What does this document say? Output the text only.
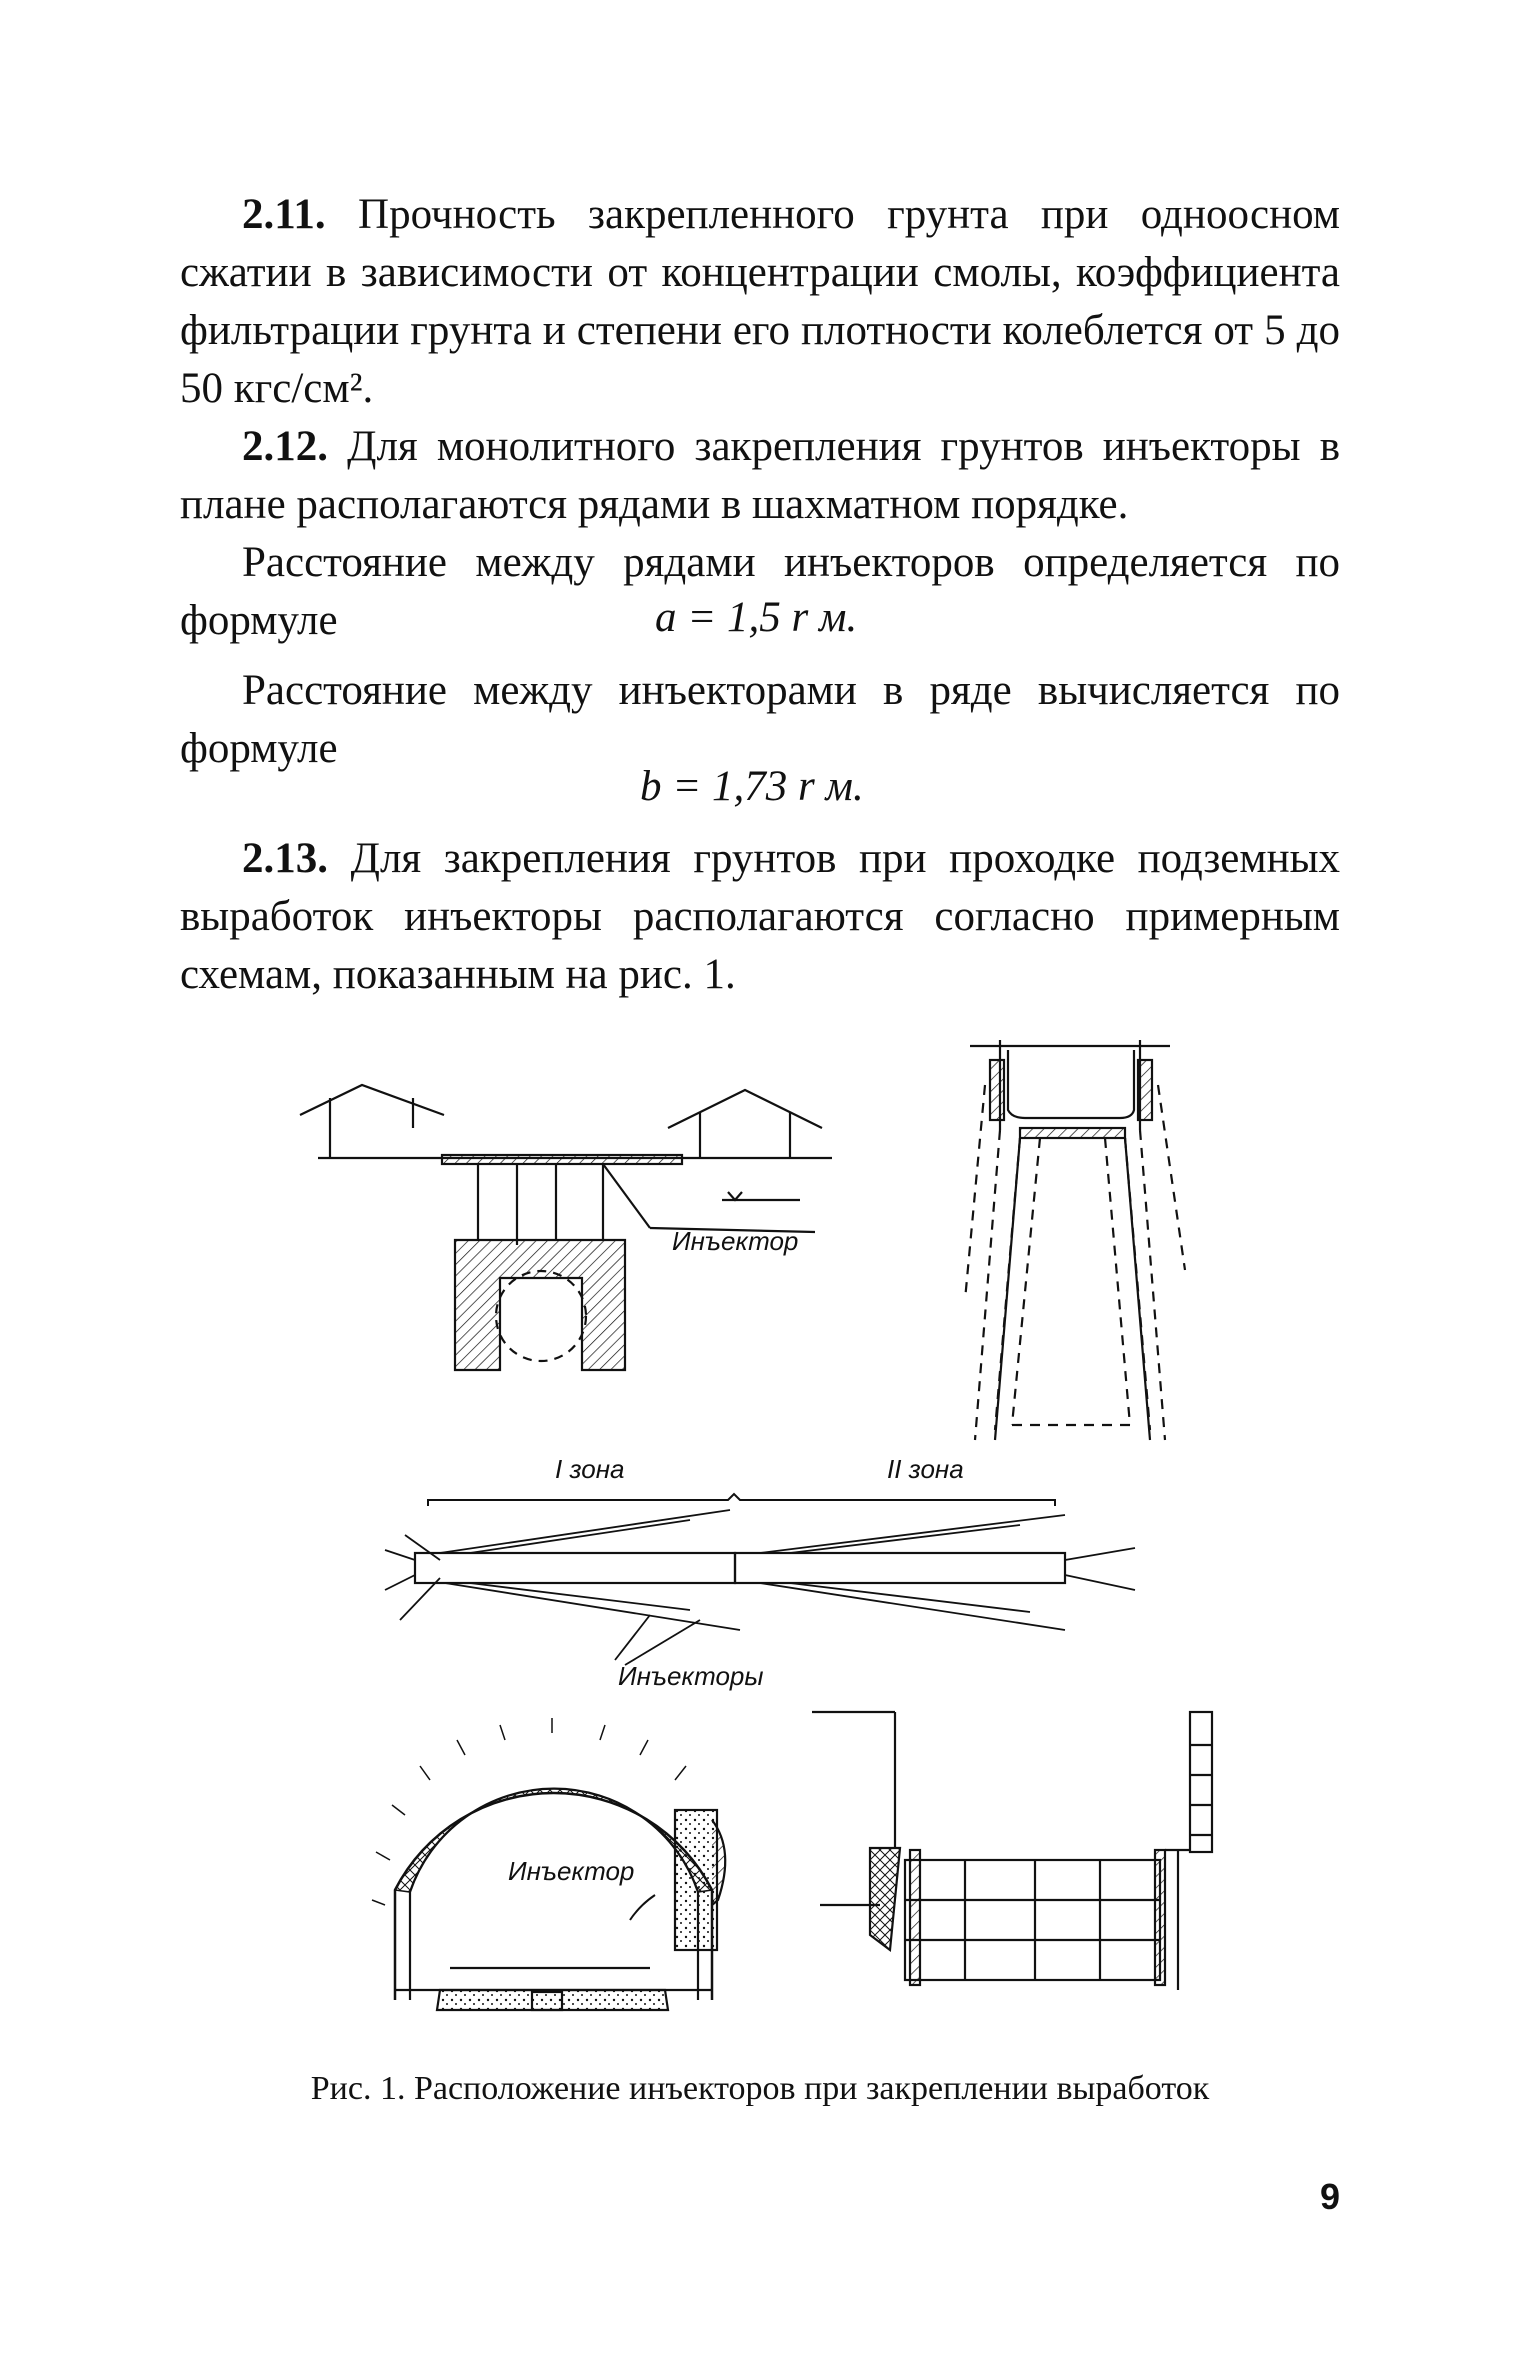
2.11. Прочность закрепленного грунта при одноосном сжатии в зависимости от концентрации смолы, коэффициента фильтрации грунта и степени его плотности колеблется от 5 до 50 кгс/см².

2.12. Для монолитного закрепления грунтов инъекторы в плане располагаются рядами в шахматном порядке.

Расстояние между рядами инъекторов определяется по формуле	a = 1,5 r м.

Расстояние между инъекторами в ряде вычисляется по формуле

b = 1,73 r м.

2.13. Для закрепления грунтов при проходке подземных выработок инъекторы располагаются согласно примерным схемам, показанным на рис. 1.

Инъектор
I зона	II зона
Инъекторы
Инъектор
Рис. 1. Расположение инъекторов при закреплении выработок
9
